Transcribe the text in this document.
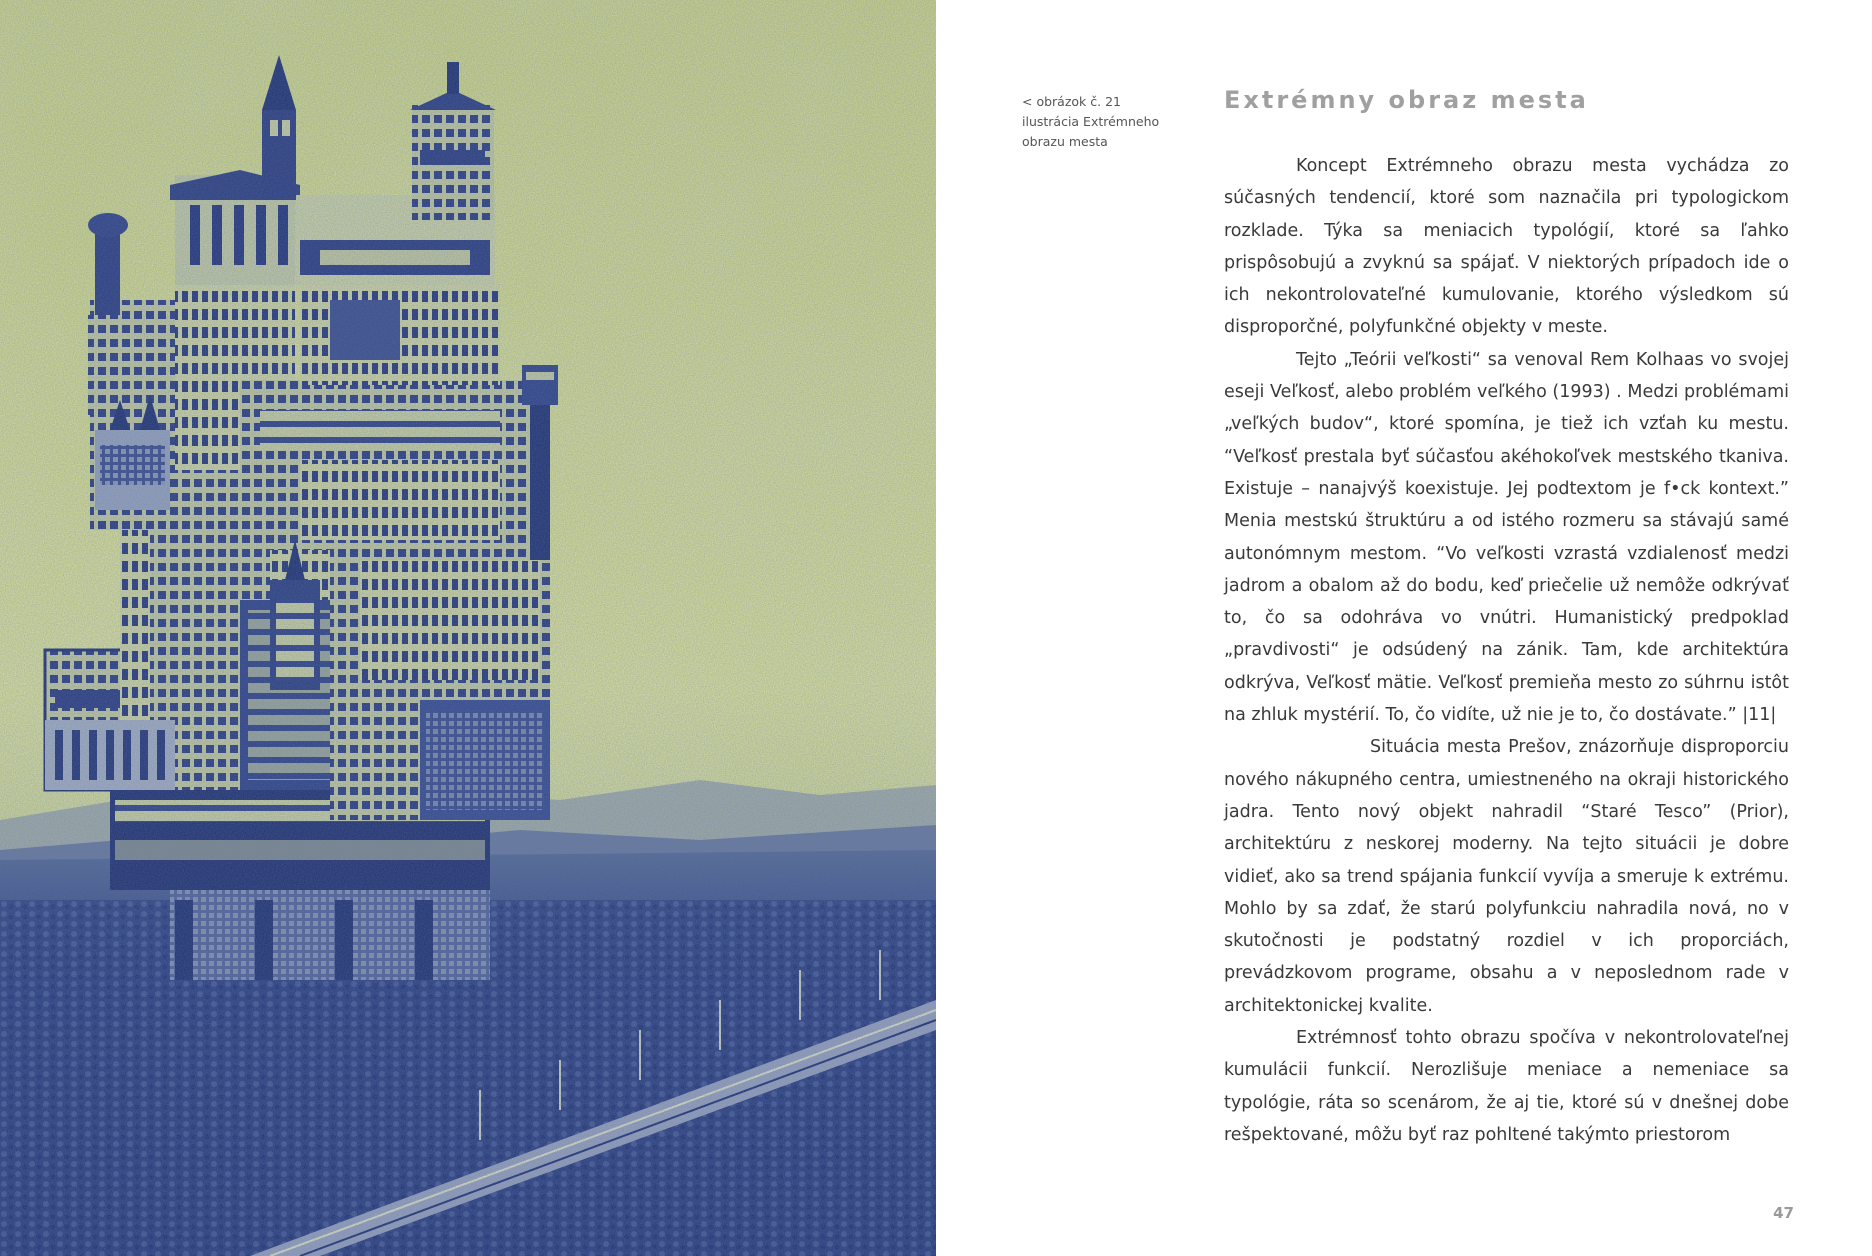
< obrázok č. 21
ilustrácia Extrémneho
obrazu mesta
Extrémny obraz mesta

Koncept Extrémneho obrazu mesta vychádza zo súčasných tendencií, ktoré som naznačila pri typologickom rozklade. Týka sa meniacich typológií, ktoré sa ľahko prispôsobujú a zvyknú sa spájať. V niektorých prípadoch ide o ich nekontrolovateľné kumulovanie, ktorého výsledkom sú disproporčné, polyfunkčné objekty v meste.

Tejto „Teórii veľkosti“ sa venoval Rem Kolhaas vo svojej eseji Veľkosť, alebo problém veľkého (1993) . Medzi problémami „veľkých budov“, ktoré spomína, je tiež ich vzťah ku mestu. “Veľkosť prestala byť súčasťou akéhokoľvek mestského tkaniva. Existuje – nanajvýš koexistuje. Jej podtextom je f•ck kontext.” Menia mestskú štruktúru a od istého rozmeru sa stávajú samé autonómnym mestom. “Vo veľkosti vzrastá vzdialenosť medzi jadrom a obalom až do bodu, keď priečelie už nemôže odkrývať to, čo sa odohráva vo vnútri. Humanistický predpoklad „pravdivosti“ je odsúdený na zánik. Tam, kde architektúra odkrýva, Veľkosť mätie. Veľkosť premieňa mesto zo súhrnu istôt na zhluk mystérií. To, čo vidíte, už nie je to, čo dostávate.” |11|

Situácia mesta Prešov, znázorňuje disproporciu nového nákupného centra, umiestneného na okraji historického jadra. Tento nový objekt nahradil “Staré Tesco” (Prior), architektúru z neskorej moderny. Na tejto situácii je dobre vidieť, ako sa trend spájania funkcií vyvíja a smeruje k extrému. Mohlo by sa zdať, že starú polyfunkciu nahradila nová, no v skutočnosti je podstatný rozdiel v ich proporciách, prevádzkovom programe, obsahu a v neposlednom rade v architektonickej kvalite.

Extrémnosť tohto obrazu spočíva v nekontrolovateľnej kumulácii funkcií. Nerozlišuje meniace a nemeniace sa typológie, ráta so scenárom, že aj tie, ktoré sú v dnešnej dobe rešpektované, môžu byť raz pohltené takýmto priestorom

47
